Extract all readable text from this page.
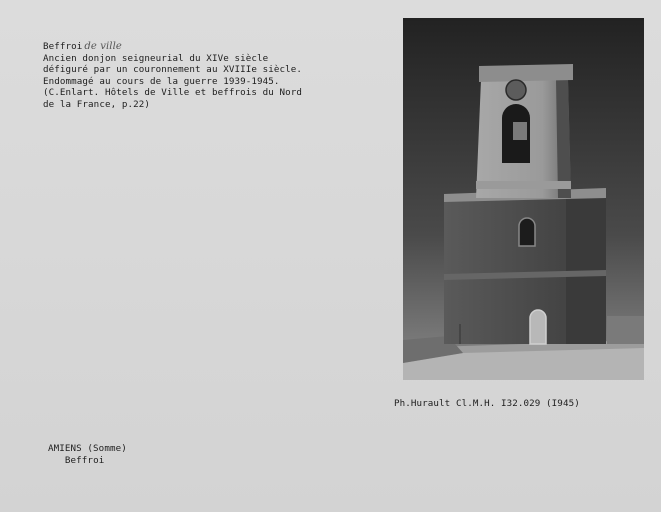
Beffroi de ville
Ancien donjon seigneurial du XIVe siècle
défiguré par un couronnement au XVIIIe siècle.
Endommagé au cours de la guerre 1939-1945.
(C.Enlart. Hôtels de Ville et beffrois du Nord
de la France, p.22)
Ph.Hurault Cl.M.H. I32.029 (I945)
AMIENS (Somme)
Beffroi
